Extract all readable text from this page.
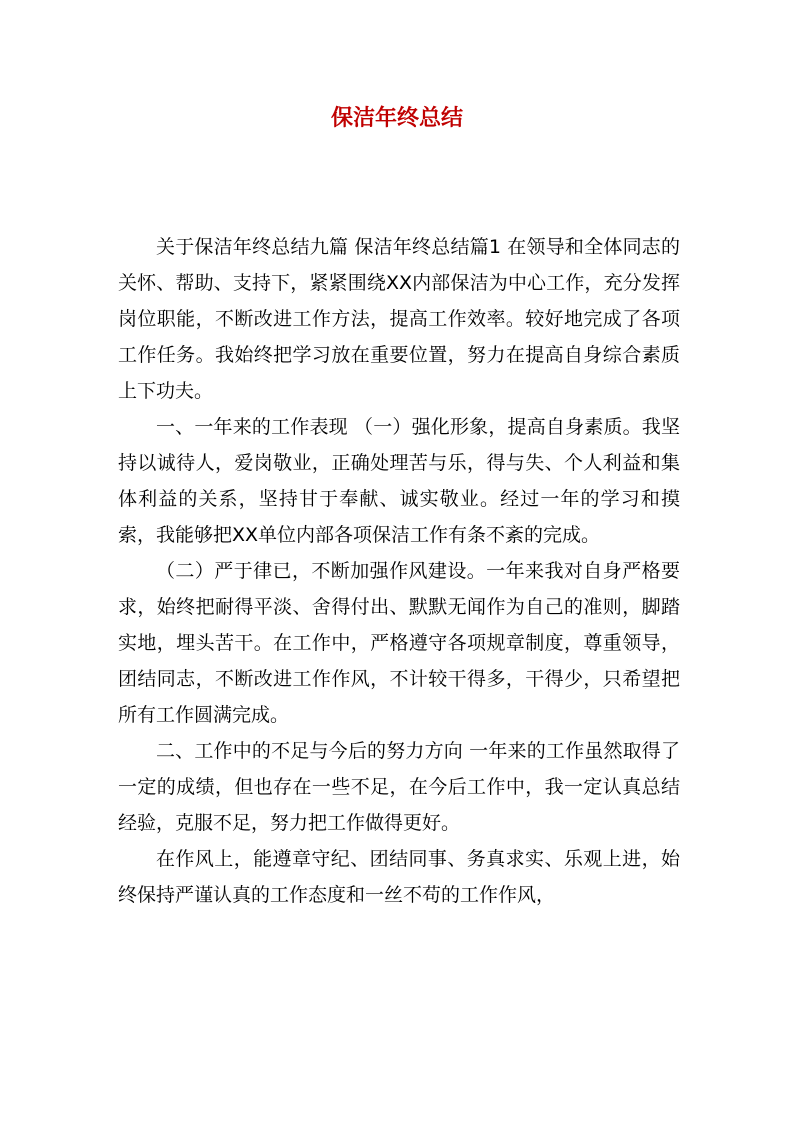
保洁年终总结

关于保洁年终总结九篇 保洁年终总结篇1 在领导和全体同志的关怀、帮助、支持下，紧紧围绕XX内部保洁为中心工作，充分发挥岗位职能，不断改进工作方法，提高工作效率。较好地完成了各项工作任务。我始终把学习放在重要位置，努力在提高自身综合素质上下功夫。

一、一年来的工作表现 （一）强化形象，提高自身素质。我坚持以诚待人，爱岗敬业，正确处理苦与乐，得与失、个人利益和集体利益的关系，坚持甘于奉献、诚实敬业。经过一年的学习和摸索，我能够把XX单位内部各项保洁工作有条不紊的完成。

（二）严于律已，不断加强作风建设。一年来我对自身严格要求，始终把耐得平淡、舍得付出、默默无闻作为自己的准则，脚踏实地，埋头苦干。在工作中，严格遵守各项规章制度，尊重领导，团结同志，不断改进工作作风，不计较干得多，干得少，只希望把所有工作圆满完成。

二、工作中的不足与今后的努力方向 一年来的工作虽然取得了一定的成绩，但也存在一些不足，在今后工作中，我一定认真总结经验，克服不足，努力把工作做得更好。

在作风上，能遵章守纪、团结同事、务真求实、乐观上进，始终保持严谨认真的工作态度和一丝不苟的工作作风，
